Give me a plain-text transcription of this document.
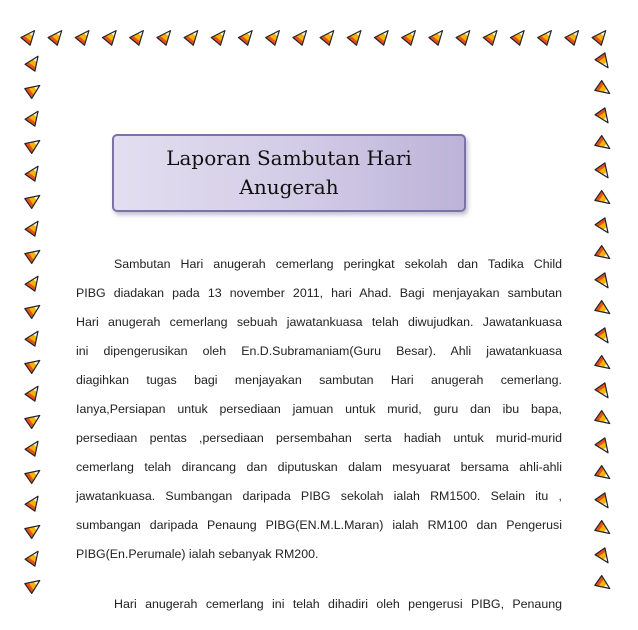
Laporan Sambutan Hari
Anugerah

Sambutan Hari anugerah cemerlang peringkat sekolah dan Tadika Child
PIBG diadakan pada 13 november 2011, hari Ahad. Bagi menjayakan sambutan
Hari anugerah cemerlang sebuah jawatankuasa telah diwujudkan. Jawatankuasa
ini dipengerusikan oleh En.D.Subramaniam(Guru Besar). Ahli jawatankuasa
diagihkan tugas bagi menjayakan sambutan Hari anugerah cemerlang.
Ianya,Persiapan untuk persediaan jamuan untuk murid, guru dan ibu bapa,
persediaan pentas ,persediaan persembahan serta hadiah untuk murid-murid
cemerlang telah dirancang dan diputuskan dalam mesyuarat bersama ahli-ahli
jawatankuasa. Sumbangan daripada PIBG sekolah ialah RM1500. Selain itu ,
sumbangan daripada Penaung PIBG(EN.M.L.Maran) ialah RM100 dan Pengerusi
PIBG(En.Perumale) ialah sebanyak RM200.

Hari anugerah cemerlang ini telah dihadiri oleh pengerusi PIBG, Penaung
